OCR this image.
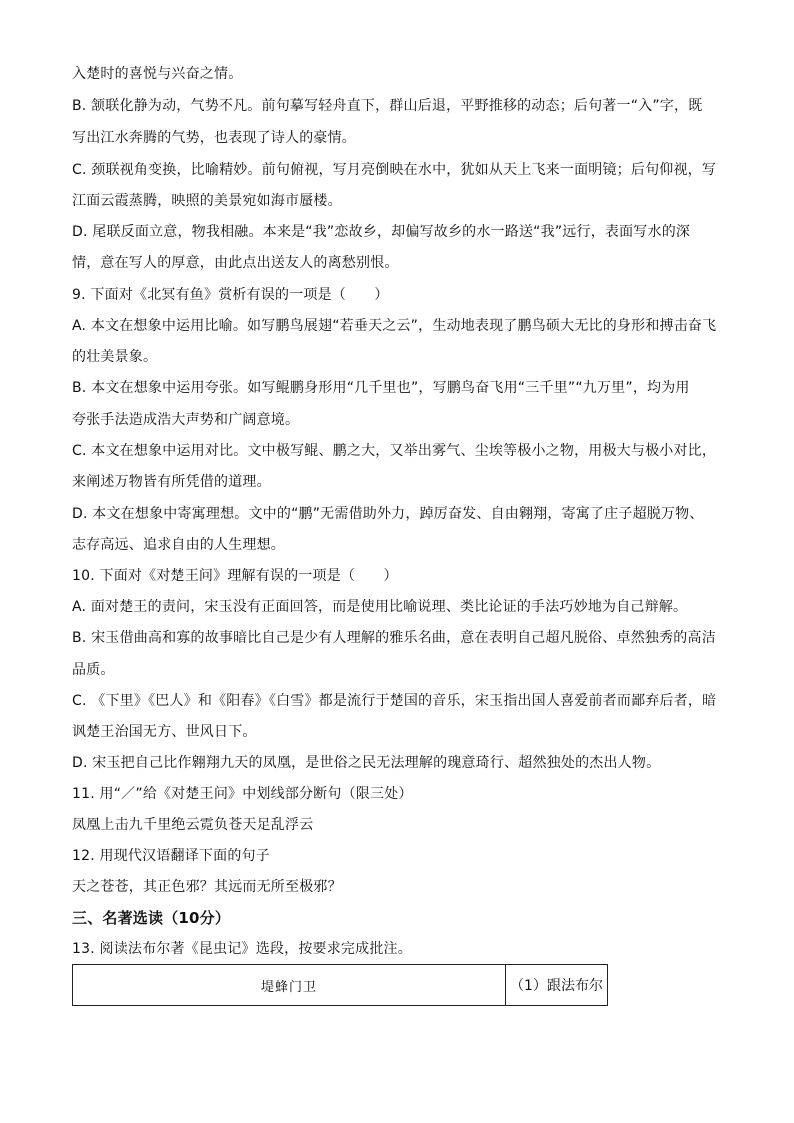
入楚时的喜悦与兴奋之情。
B. 颔联化静为动，气势不凡。前句摹写轻舟直下，群山后退，平野推移的动态；后句著一“入”字，既
写出江水奔腾的气势，也表现了诗人的豪情。
C. 颈联视角变换，比喻精妙。前句俯视，写月亮倒映在水中，犹如从天上飞来一面明镜；后句仰视，写
江面云霞蒸腾，映照的美景宛如海市蜃楼。
D. 尾联反面立意，物我相融。本来是“我”恋故乡，却偏写故乡的水一路送“我”远行，表面写水的深
情，意在写人的厚意，由此点出送友人的离愁别恨。
9. 下面对《北冥有鱼》赏析有误的一项是（　　）
A. 本文在想象中运用比喻。如写鹏鸟展翅“若垂天之云”，生动地表现了鹏鸟硕大无比的身形和搏击奋飞
的壮美景象。
B. 本文在想象中运用夸张。如写鲲鹏身形用“几千里也”，写鹏鸟奋飞用“三千里”“九万里”，均为用
夸张手法造成浩大声势和广阔意境。
C. 本文在想象中运用对比。文中极写鲲、鹏之大，又举出雾气、尘埃等极小之物，用极大与极小对比，
来阐述万物皆有所凭借的道理。
D. 本文在想象中寄寓理想。文中的“鹏”无需借助外力，踔厉奋发、自由翱翔，寄寓了庄子超脱万物、
志存高远、追求自由的人生理想。
10. 下面对《对楚王问》理解有误的一项是（　　）
A. 面对楚王的责问，宋玉没有正面回答，而是使用比喻说理、类比论证的手法巧妙地为自己辩解。
B. 宋玉借曲高和寡的故事暗比自己是少有人理解的雅乐名曲，意在表明自己超凡脱俗、卓然独秀的高洁
品质。
C. 《下里》《巴人》和《阳春》《白雪》都是流行于楚国的音乐，宋玉指出国人喜爱前者而鄙弃后者，暗
讽楚王治国无方、世风日下。
D. 宋玉把自己比作翱翔九天的凤凰，是世俗之民无法理解的瑰意琦行、超然独处的杰出人物。
11. 用“／”给《对楚王问》中划线部分断句（限三处）
凤凰上击九千里绝云霓负苍天足乱浮云
12. 用现代汉语翻译下面的句子
天之苍苍，其正色邪？其远而无所至极邪？
三、名著选读（10分）
13. 阅读法布尔著《昆虫记》选段，按要求完成批注。
堤蜂门卫	（1）跟法布尔
